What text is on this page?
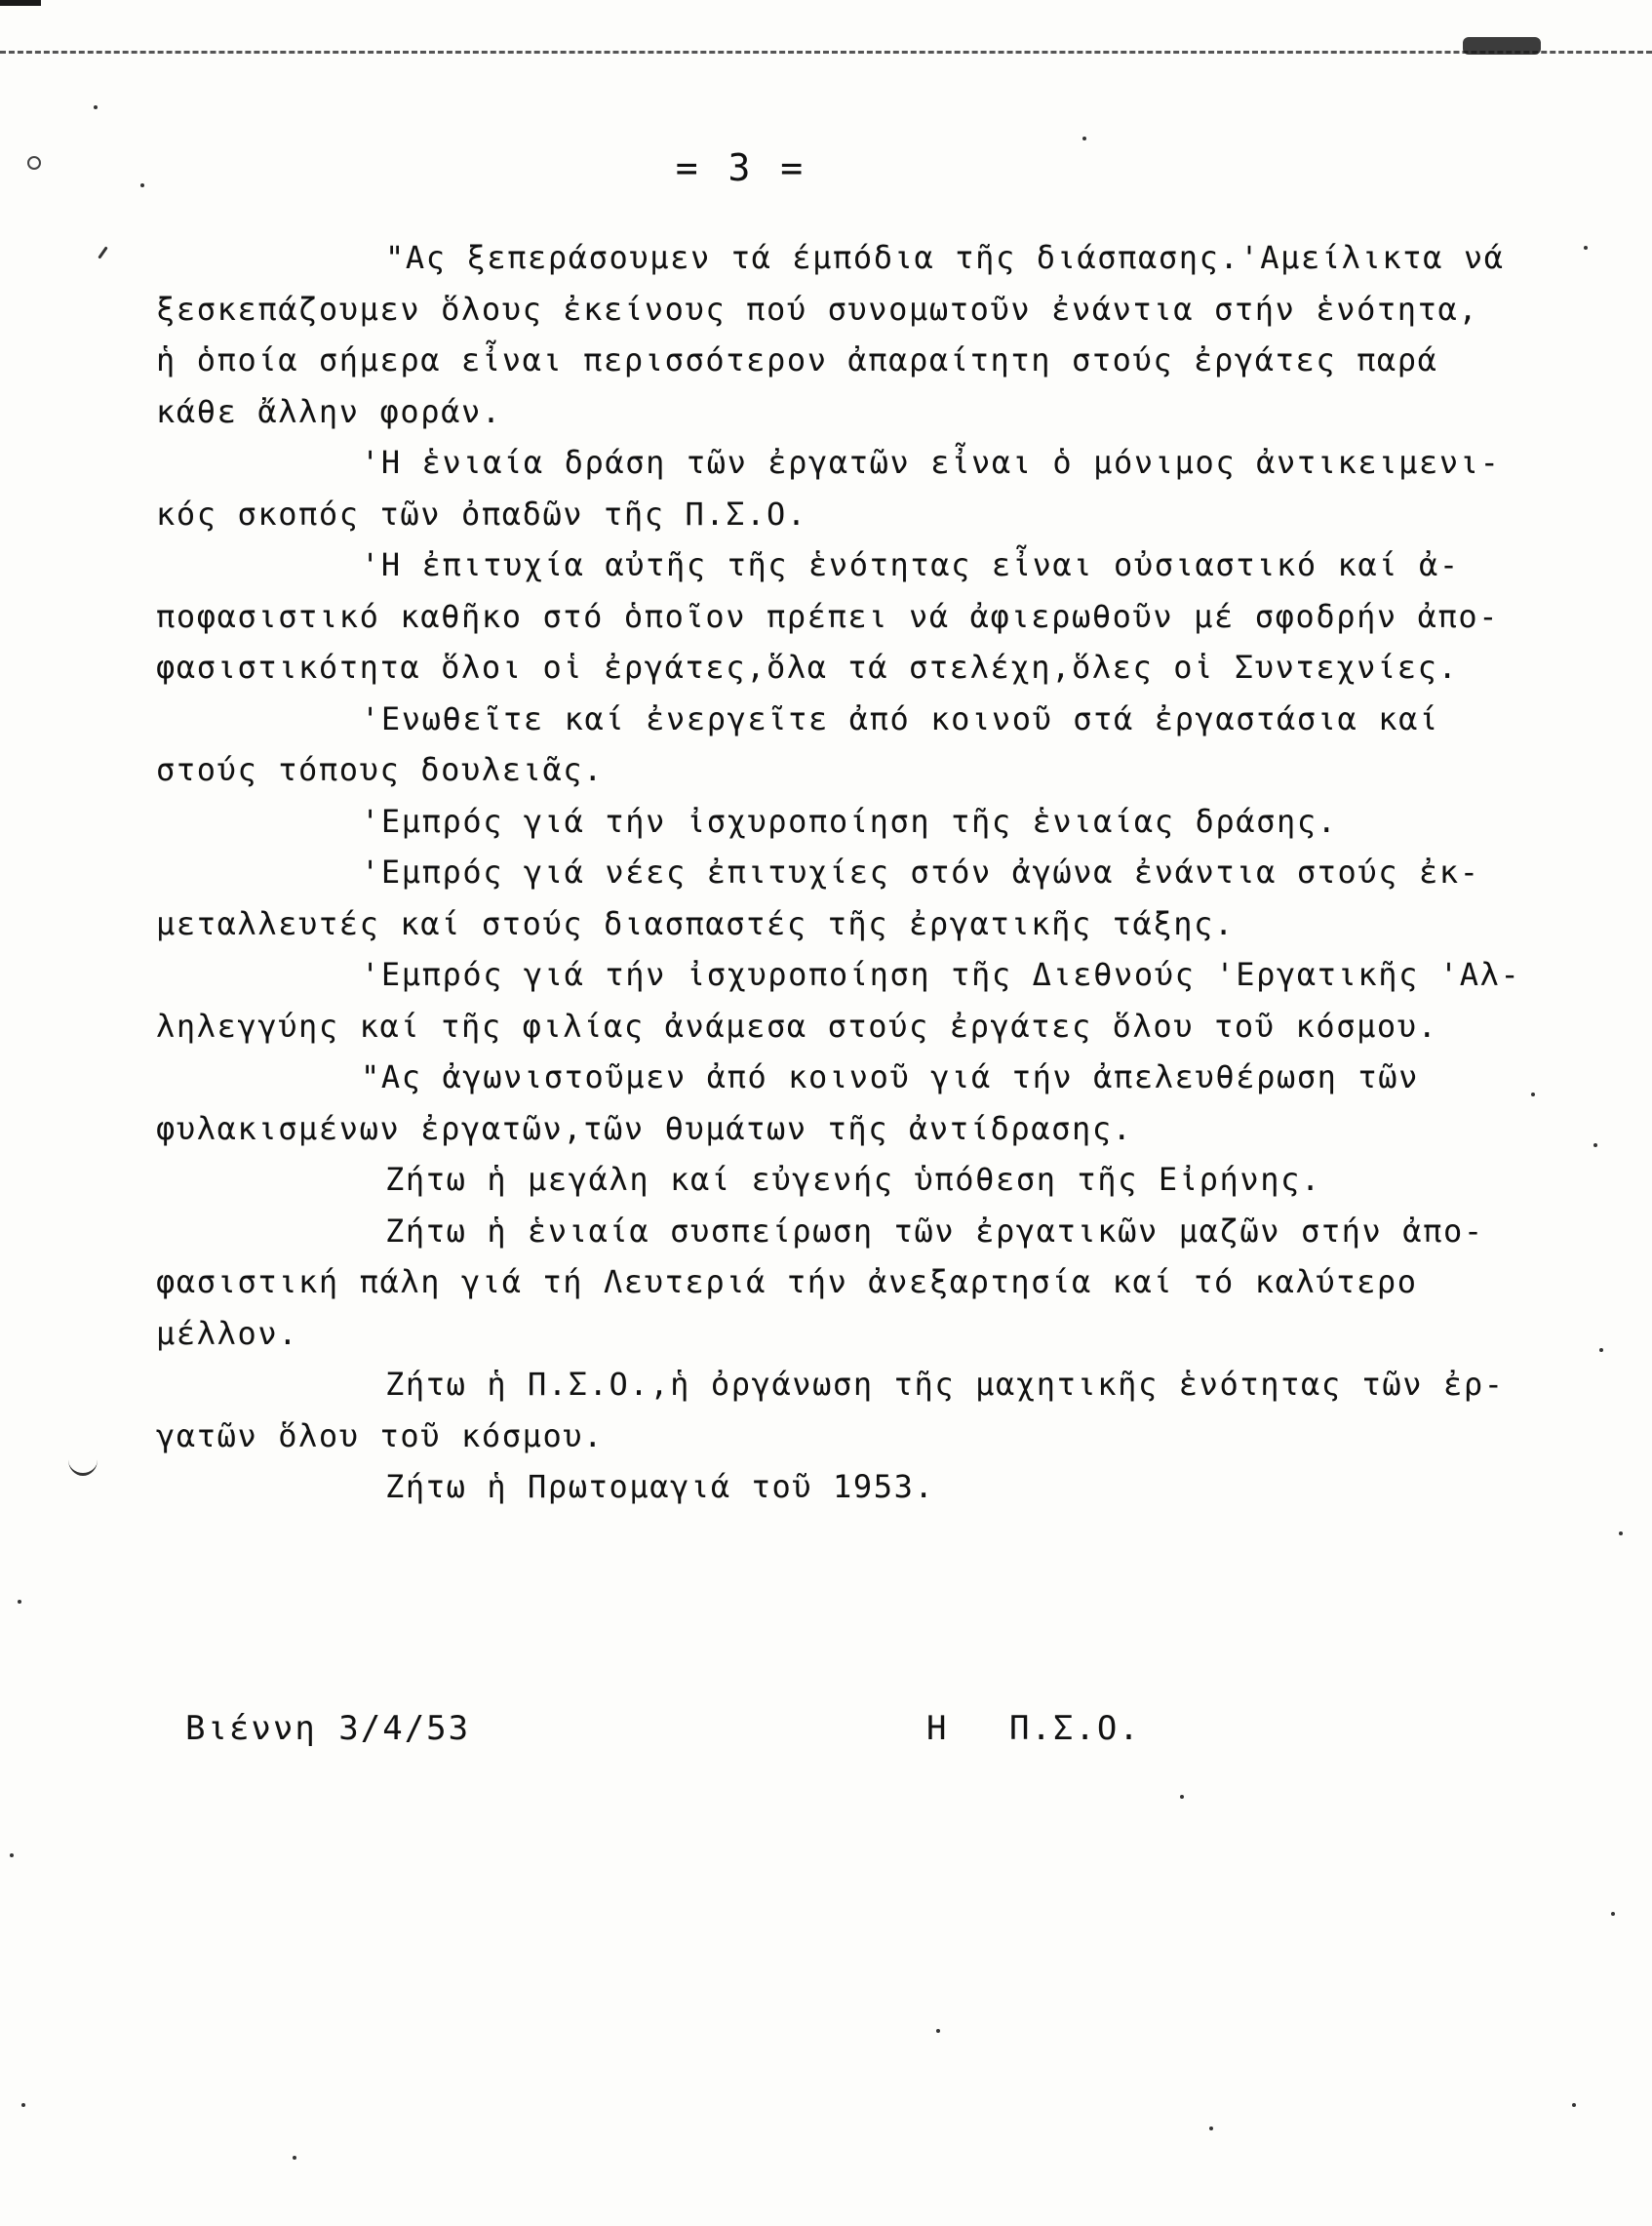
= 3 =
"Ας ξεπεράσουμεν τά έμπόδια τῆς διάσπασης.'Αμείλικτα νά
ξεσκεπάζουμεν ὅλους ἐκείνους πού συνομωτοῦν ἐνάντια στήν ἑνότητα,
ἡ ὁποία σήμερα εἶναι περισσότερον ἀπαραίτητη στούς ἐργάτες παρά
κάθε ἄλλην φοράν.
'Η ἑνιαία δράση τῶν ἐργατῶν εἶναι ὁ μόνιμος ἀντικειμενι-
κός σκοπός τῶν ὀπαδῶν τῆς Π.Σ.Ο.
'Η ἐπιτυχία αὐτῆς τῆς ἑνότητας εἶναι οὐσιαστικό καί ἀ-
ποφασιστικό καθῆκο στό ὁποῖον πρέπει νά ἀφιερωθοῦν μέ σφοδρήν ἀπο-
φασιστικότητα ὅλοι οἱ ἐργάτες,ὅλα τά στελέχη,ὅλες οἱ Συντεχνίες.
'Ενωθεῖτε καί ἐνεργεῖτε ἀπό κοινοῦ στά ἐργαστάσια καί
στούς τόπους δουλειᾶς.
'Εμπρός γιά τήν ἰσχυροποίηση τῆς ἑνιαίας δράσης.
'Εμπρός γιά νέες ἐπιτυχίες στόν ἀγώνα ἐνάντια στούς ἐκ-
μεταλλευτές καί στούς διασπαστές τῆς ἐργατικῆς τάξης.
'Εμπρός γιά τήν ἰσχυροποίηση τῆς Διεθνούς 'Εργατικῆς 'Αλ-
ληλεγγύης καί τῆς φιλίας ἀνάμεσα στούς ἐργάτες ὅλου τοῦ κόσμου.
"Ας ἀγωνιστοῦμεν ἀπό κοινοῦ γιά τήν ἀπελευθέρωση τῶν
φυλακισμένων ἐργατῶν,τῶν θυμάτων τῆς ἀντίδρασης.
Ζήτω ἡ μεγάλη καί εὐγενής ὑπόθεση τῆς Εἰρήνης.
Ζήτω ἡ ἑνιαία συσπείρωση τῶν ἐργατικῶν μαζῶν στήν ἀπο-
φασιστική πάλη γιά τή Λευτεριά τήν ἀνεξαρτησία καί τό καλύτερο
μέλλον.
Ζήτω ἡ Π.Σ.Ο.,ἡ ὀργάνωση τῆς μαχητικῆς ἑνότητας τῶν ἐρ-
γατῶν ὅλου τοῦ κόσμου.
Ζήτω ἡ Πρωτομαγιά τοῦ 1953.
Βιέννη 3/4/53	Η Π.Σ.Ο.
